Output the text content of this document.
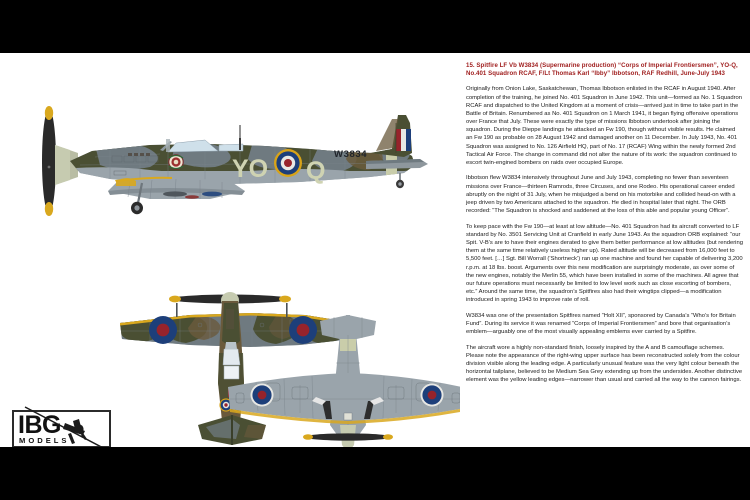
YO Q
W3834
IBG
MODELS
15. Spitfire LF Vb W3834 (Supermarine production) “Corps of Imperial Frontiersmen”, YO-Q, No.401 Squadron RCAF, F/Lt Thomas Karl “Ibby” Ibbotson, RAF Redhill, June-July 1943

Originally from Onion Lake, Saskatchewan, Thomas Ibbotson enlisted in the RCAF in August 1940. After completion of the training, he joined No. 401 Squadron in June 1942. This unit—formed as No. 1 Squadron RCAF and dispatched to the United Kingdom at a moment of crisis—arrived just in time to take part in the Battle of Britain. Renumbered as No. 401 Squadron on 1 March 1941, it began flying offensive operations over France that July. These were exactly the type of missions Ibbotson undertook after joining the squadron. During the Dieppe landings he attacked an Fw 190, though without visible results. He claimed an Fw 190 as probable on 28 August 1942 and damaged another on 11 December. In July 1943, No. 401 Squadron was assigned to No. 126 Airfield HQ, part of No. 17 (RCAF) Wing within the newly formed 2nd Tactical Air Force. The change in command did not alter the nature of its work: the squadron continued to escort twin-engined bombers on raids over occupied Europe.

Ibbotson flew W3834 intensively throughout June and July 1943, completing no fewer than seventeen missions over France—thirteen Ramrods, three Circuses, and one Rodeo. His operational career ended abruptly on the night of 31 July, when he misjudged a bend on his motorbike and collided head-on with a jeep driven by two Americans attached to the squadron. He died in hospital later that night. The ORB recorded: “The Squadron is shocked and saddened at the loss of this able and popular young Officer”.

To keep pace with the Fw 190—at least at low altitude—No. 401 Squadron had its aircraft converted to LF standard by No. 3501 Servicing Unit at Cranfield in early June 1943. As the squadron ORB explained: “our Spit. V-B’s are to have their engines derated to give them better performance at low altitudes (but rendering them at the same time relatively useless higher up). Rated altitude will be decreased from 16,000 feet to 5,500 feet. […] Sgt. Bill Worrall (‘Shortneck’) ran up one machine and found her capable of delivering 3,200 r.p.m. at 18 lbs. boost. Arguments over this new modification are surprisingly moderate, as over some of the new engines, notably the Merlin 55, which have been installed in some of the machines. All agree that our future operations must necessarily be limited to low level work such as close escorting of bombers, etc.” Around the same time, the squadron’s Spitfires also had their wingtips clipped—a modification introduced in spring 1943 to improve rate of roll.

W3834 was one of the presentation Spitfires named “Holt XII”, sponsored by Canada’s “Who’s for Britain Fund”. During its service it was renamed “Corps of Imperial Frontiersmen” and bore that organisation’s emblem—arguably one of the most visually appealing emblems ever carried by a Spitfire.

The aircraft wore a highly non-standard finish, loosely inspired by the A and B camouflage schemes. Please note the appearance of the right-wing upper surface has been reconstructed solely from the colour division visible along the leading edge. A particularly unusual feature was the very light colour beneath the horizontal tailplane, believed to be Medium Sea Grey extending up from the undersides. Another distinctive element was the yellow leading edges—narrower than usual and carried all the way to the cannon fairings.
